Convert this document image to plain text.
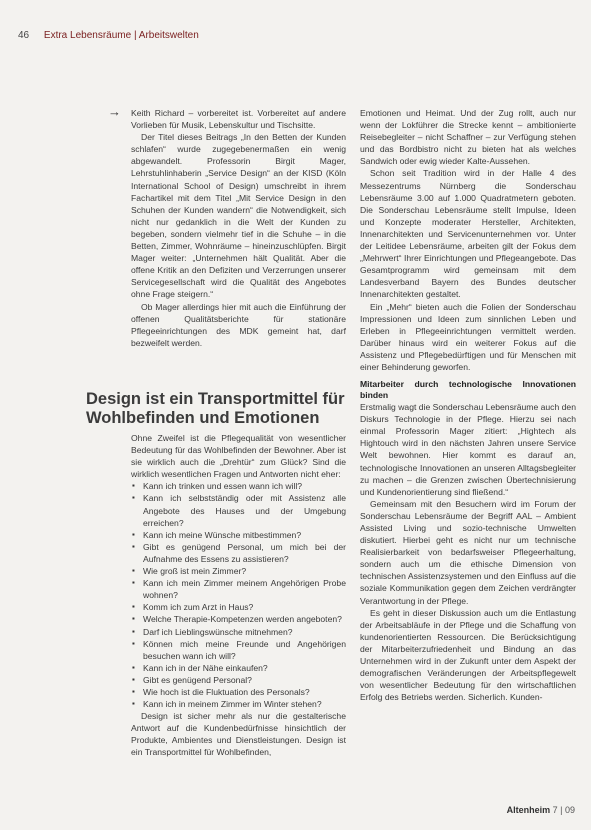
46 Extra Lebensräume | Arbeitswelten
→ Keith Richard – vorbereitet ist. Vorbereitet auf andere Vorlieben für Musik, Lebenskultur und Tischsitte.

Der Titel dieses Beitrags „In den Betten der Kunden schlafen“ wurde zugegebenermaßen ein wenig abgewandelt. Professorin Birgit Mager, Lehrstuhlinhaberin „Service Design“ an der KISD (Köln International School of Design) umschreibt in ihrem Fachartikel mit dem Titel „Mit Service Design in den Schuhen der Kunden wandern“ die Notwendigkeit, sich nicht nur gedanklich in die Welt der Kunden zu begeben, sondern vielmehr tief in die Schuhe – in die Betten, Zimmer, Wohnräume – hineinzuschlüpfen. Birgit Mager weiter: „Unternehmen hält Qualität. Aber die offene Kritik an den Defiziten und Verzerrungen unserer Servicegesellschaft wird die Qualität des Angebotes ohne Frage steigern.“

Ob Mager allerdings hier mit auch die Einführung der offenen Qualitätsberichte für stationäre Pflegeeinrichtungen des MDK gemeint hat, darf bezweifelt werden.

Design ist ein Transportmittel für Wohlbefinden und Emotionen

Ohne Zweifel ist die Pflegequalität von wesentlicher Bedeutung für das Wohlbefinden der Bewohner. Aber ist sie wirklich auch die „Drehtür“ zum Glück? Sind die wirklich wesentlichen Fragen und Antworten nicht eher:

▪ Kann ich trinken und essen wann ich will?
▪ Kann ich selbstständig oder mit Assistenz alle Angebote des Hauses und der Umgebung erreichen?
▪ Kann ich meine Wünsche mitbestimmen?
▪ Gibt es genügend Personal, um mich bei der Aufnahme des Essens zu assistieren?
▪ Wie groß ist mein Zimmer?
▪ Kann ich mein Zimmer meinem Angehörigen Probe wohnen?
▪ Komm ich zum Arzt in Haus?
▪ Welche Therapie-Kompetenzen werden angeboten?
▪ Darf ich Lieblingswünsche mitnehmen?
▪ Können mich meine Freunde und Angehörigen besuchen wann ich will?
▪ Kann ich in der Nähe einkaufen?
▪ Gibt es genügend Personal?
▪ Wie hoch ist die Fluktuation des Personals?
▪ Kann ich in meinem Zimmer im Winter stehen?

Design ist sicher mehr als nur die gestalterische Antwort auf die Kundenbedürfnisse hinsichtlich der Produkte, Ambientes und Dienstleistungen. Design ist ein Transportmittel für Wohlbefinden,

Emotionen und Heimat. Und der Zug rollt, auch nur wenn der Lokführer die Strecke kennt – ambitionierte Reisebegleiter – nicht Schaffner – zur Verfügung stehen und das Bordbistro nicht zu bieten hat als welches Sandwich oder ewig wieder Kalte-Aussehen.

Schon seit Tradition wird in der Halle 4 des Messezentrums Nürnberg die Sonderschau Lebensräume 3.00 auf 1.000 Quadratmetern geboten. Die Sonderschau Lebensräume stellt Impulse, Ideen und Konzepte moderater Hersteller, Architekten, Innenarchitekten und Servicenunternehmen vor. Unter der Leitidee Lebensräume, arbeiten gilt der Fokus dem „Mehrwert“ Ihrer Einrichtungen und Pflegeangebote. Das Gesamtprogramm wird gemeinsam mit dem Landesverband Bayern des Bundes deutscher Innenarchitekten gestaltet.

Ein „Mehr“ bieten auch die Folien der Sonderschau Impressionen und Ideen zum sinnlichen Leben und Erleben in Pflegeeinrichtungen vermittelt werden. Darüber hinaus wird ein weiterer Fokus auf die Assistenz und Pflegebedürftigen und für Menschen mit einer Behinderung geworfen.

Mitarbeiter durch technologische Innovationen binden

Erstmalig wagt die Sonderschau Lebensräume auch den Diskurs Technologie in der Pflege. Hierzu sei nach einmal Professorin Mager zitiert: „Hightech als Hightouch wird in den nächsten Jahren unsere Service Welt bewohnen. Hier kommt es darauf an, technologische Innovationen an unseren Alltagsbegleiter zu machen – die Grenzen zwischen Übertechnisierung und Kundenorientierung sind fließend.“

Gemeinsam mit den Besuchern wird im Forum der Sonderschau Lebensräume der Begriff AAL – Ambient Assisted Living und sozio-technische Umwelten diskutiert. Hierbei geht es nicht nur um technische Realisierbarkeit von bedarfsweiser Pflegeerhaltung, sondern auch um die ethische Dimension von technischen Assistenzsystemen und den Einfluss auf die soziale Kommunikation gegen dem Zeichen verdrängter Verantwortung in der Pflege.

Es geht in dieser Diskussion auch um die Entlastung der Arbeitsabläufe in der Pflege und die Schaffung von kundenorientierten Ressourcen. Die Berücksichtigung der Mitarbeiterzufriedenheit und Bindung an das Unternehmen wird in der Zukunft unter dem Aspekt der demografischen Veränderungen der Arbeitspflegewelt von wesentlicher Bedeutung für den wirtschaftlichen Erfolg des Betriebs werden. Sicherlich. Kunden-

Altenheim 7 | 09
